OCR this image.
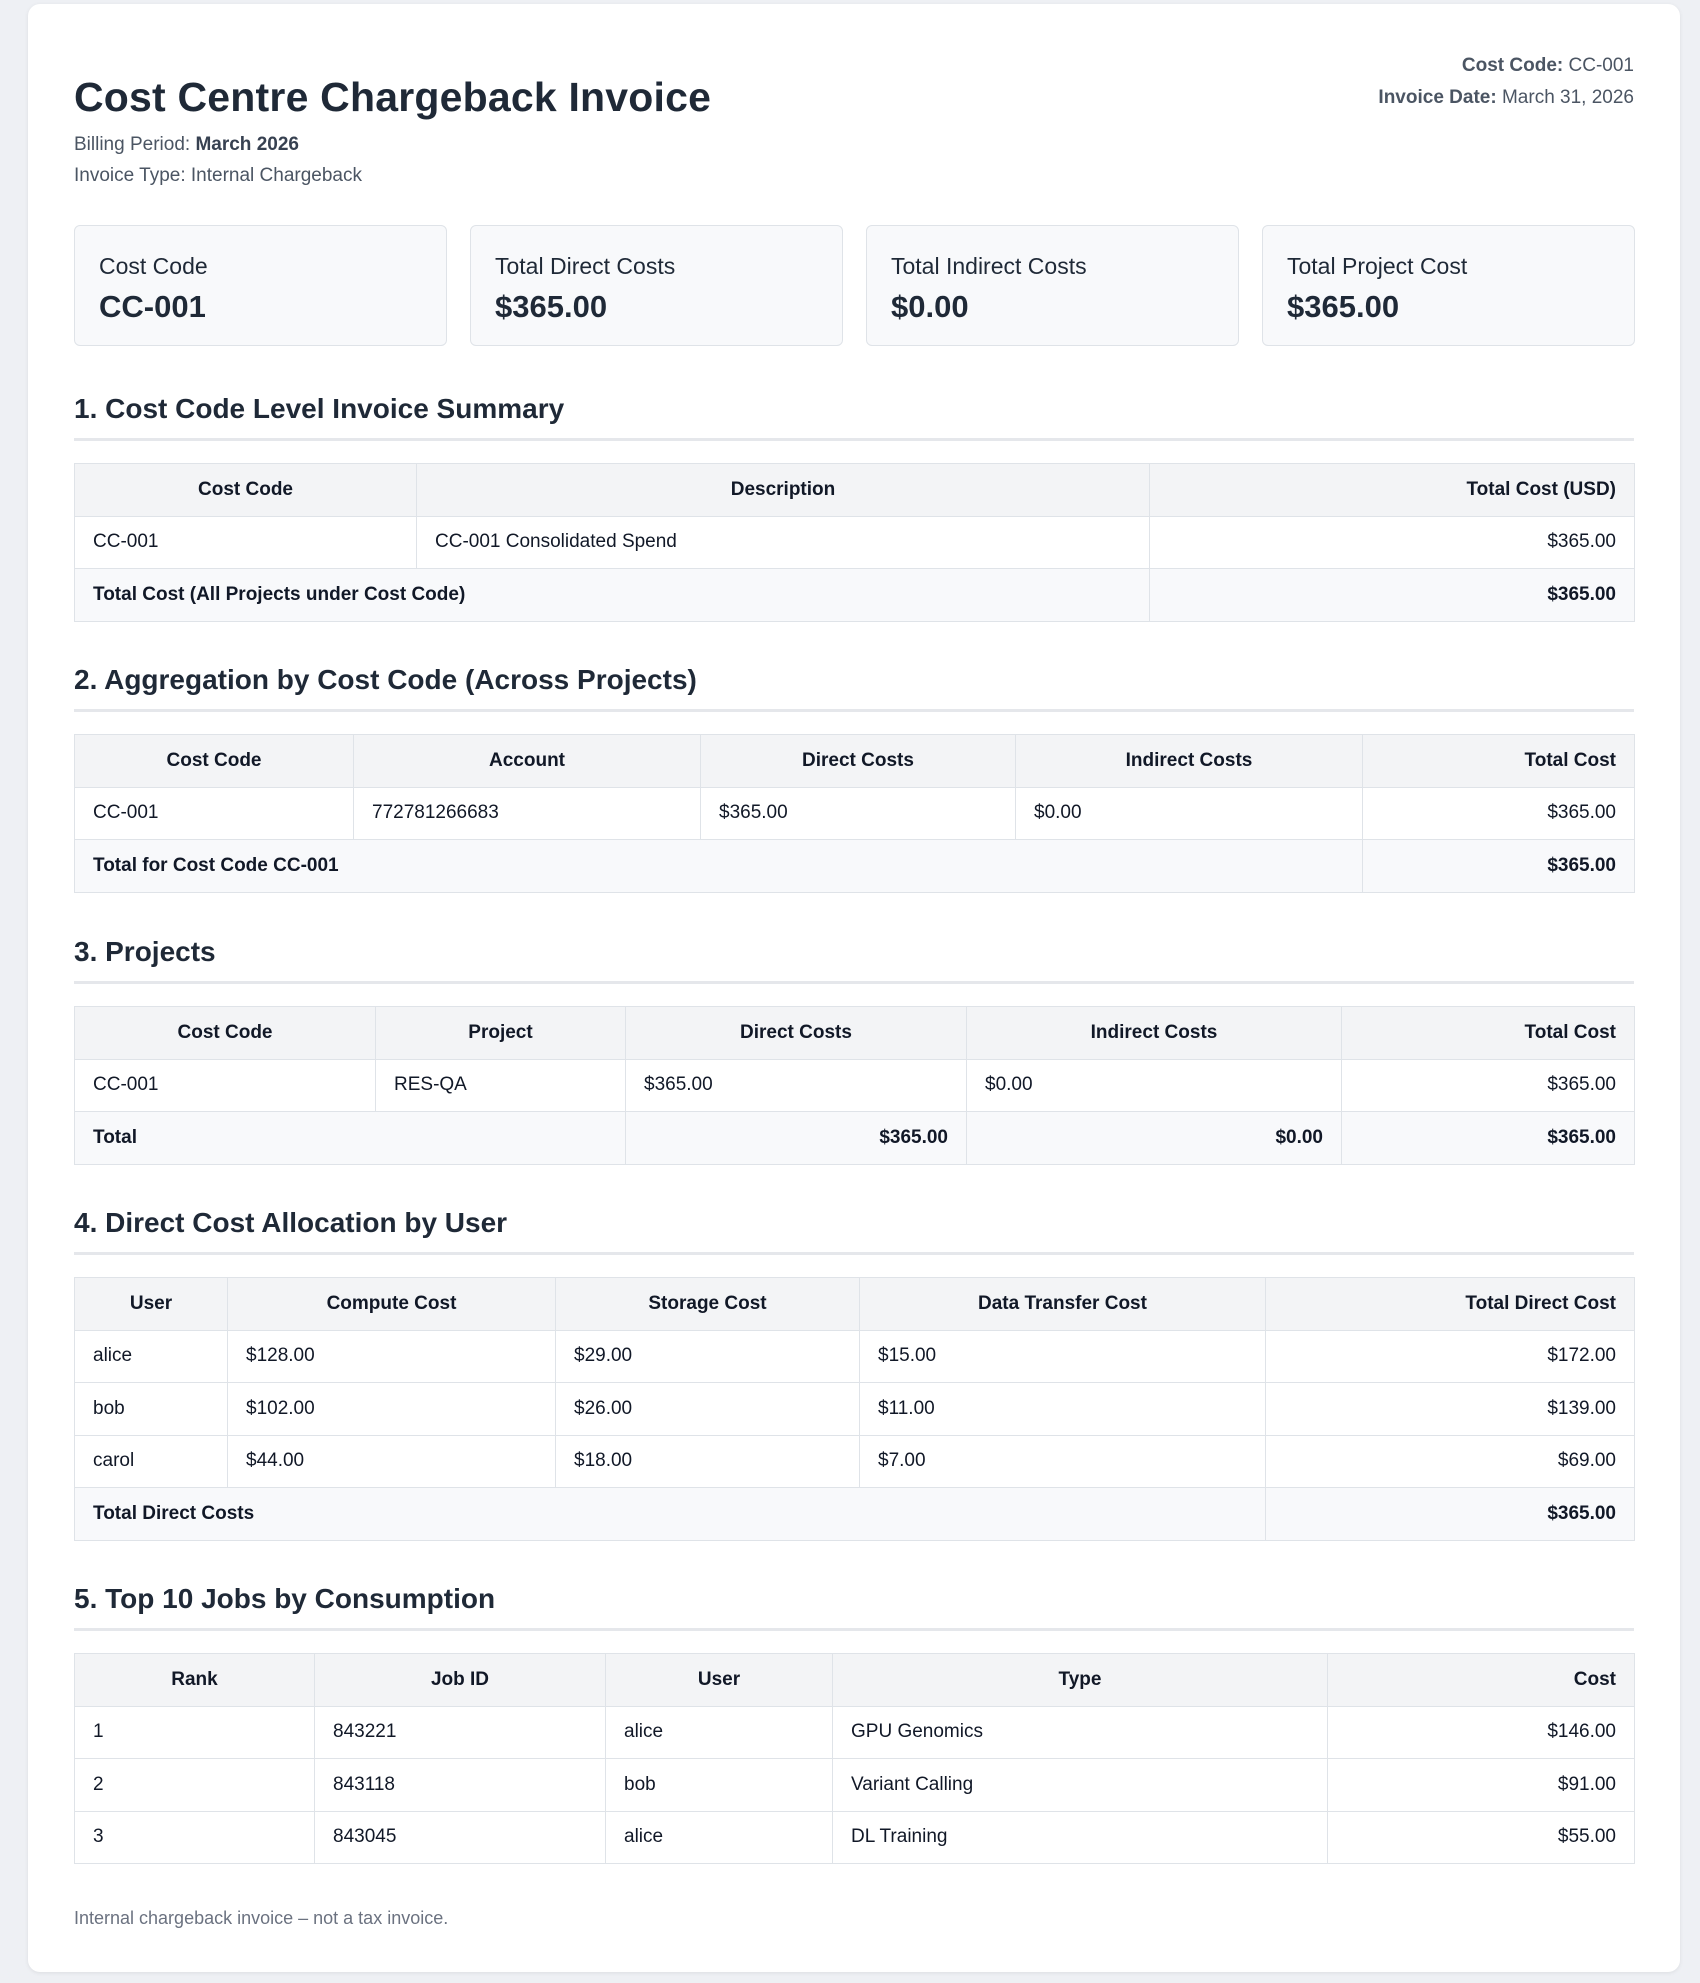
Cost Centre Chargeback Invoice
Billing Period: March 2026
Invoice Type: Internal Chargeback
Cost Code: CC-001
Invoice Date: March 31, 2026
Cost Code
CC-001
Total Direct Costs
$365.00
Total Indirect Costs
$0.00
Total Project Cost
$365.00
1. Cost Code Level Invoice Summary
Cost Code	Description	Total Cost (USD)
CC-001	CC-001 Consolidated Spend	$365.00
Total Cost (All Projects under Cost Code)		$365.00
2. Aggregation by Cost Code (Across Projects)
Cost Code	Account	Direct Costs	Indirect Costs	Total Cost
CC-001	772781266683	$365.00	$0.00	$365.00
Total for Cost Code CC-001				$365.00
3. Projects
Cost Code	Project	Direct Costs	Indirect Costs	Total Cost
CC-001	RES-QA	$365.00	$0.00	$365.00
Total		$365.00	$0.00	$365.00
4. Direct Cost Allocation by User
User	Compute Cost	Storage Cost	Data Transfer Cost	Total Direct Cost
alice	$128.00	$29.00	$15.00	$172.00
bob	$102.00	$26.00	$11.00	$139.00
carol	$44.00	$18.00	$7.00	$69.00
Total Direct Costs				$365.00
5. Top 10 Jobs by Consumption
Rank	Job ID	User	Type	Cost
1	843221	alice	GPU Genomics	$146.00
2	843118	bob	Variant Calling	$91.00
3	843045	alice	DL Training	$55.00
Internal chargeback invoice – not a tax invoice.
